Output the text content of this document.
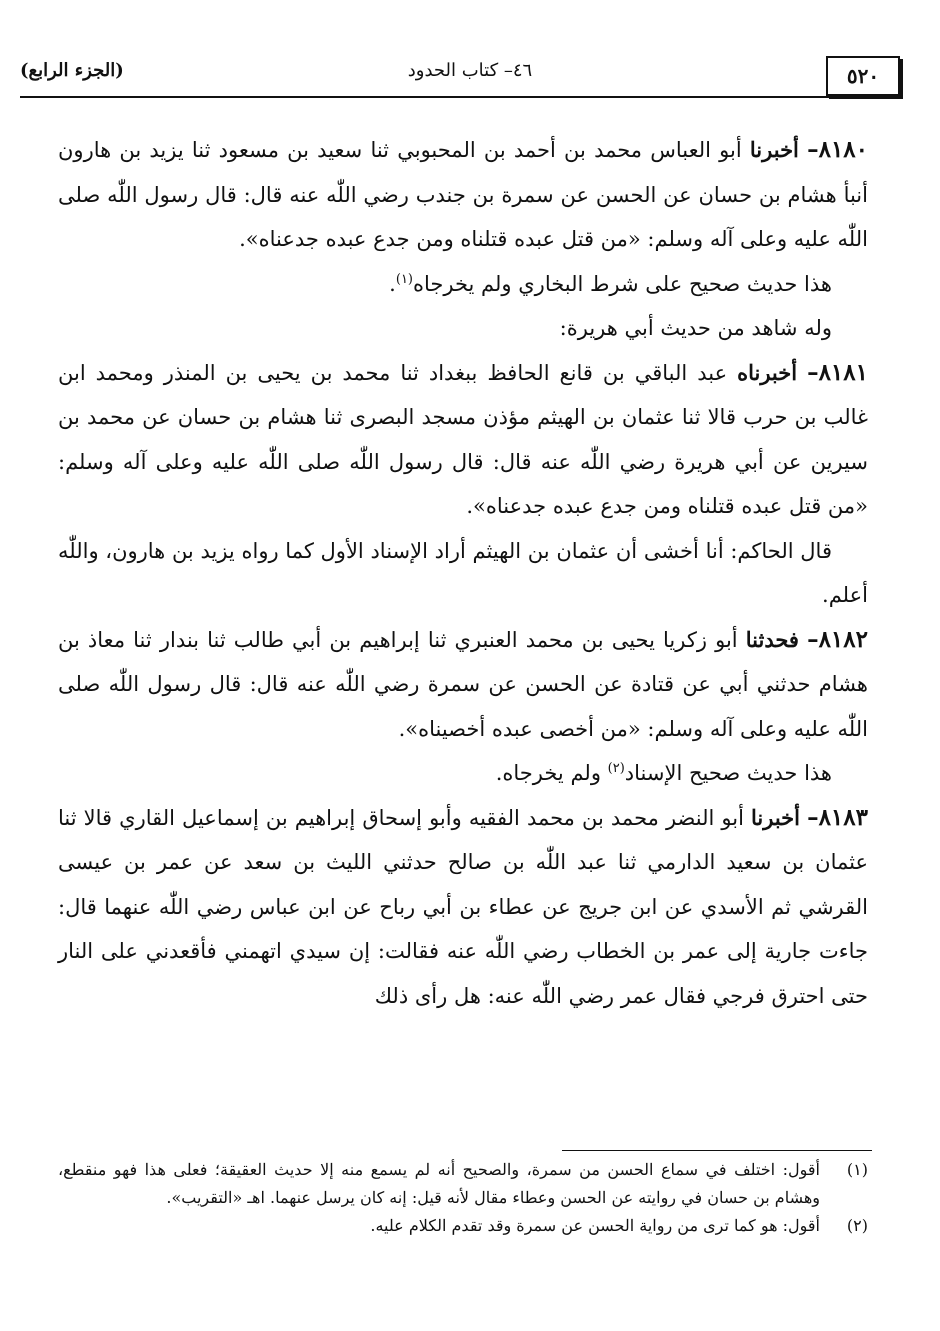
٥٢٠
٤٦– كتاب الحدود
(الجزء الرابع)

٨١٨٠– أخبرنا أبو العباس محمد بن أحمد بن المحبوبي ثنا سعيد بن مسعود ثنا يزيد بن هارون أنبأ هشام بن حسان عن الحسن عن سمرة بن جندب رضي اللّٰه عنه قال: قال رسول اللّٰه صلى اللّٰه عليه وعلى آله وسلم: «من قتل عبده قتلناه ومن جدع عبده جدعناه».

هذا حديث صحيح على شرط البخاري ولم يخرجاه$^{(١)}$.

وله شاهد من حديث أبي هريرة:

٨١٨١– أخبرناه عبد الباقي بن قانع الحافظ ببغداد ثنا محمد بن يحيى بن المنذر ومحمد ابن غالب بن حرب قالا ثنا عثمان بن الهيثم مؤذن مسجد البصرى ثنا هشام بن حسان عن محمد بن سيرين عن أبي هريرة رضي اللّٰه عنه قال: قال رسول اللّٰه صلى اللّٰه عليه وعلى آله وسلم: «من قتل عبده قتلناه ومن جدع عبده جدعناه».

قال الحاكم: أنا أخشى أن عثمان بن الهيثم أراد الإسناد الأول كما رواه يزيد بن هارون، واللّٰه أعلم.

٨١٨٢– فحدثنا أبو زكريا يحيى بن محمد العنبري ثنا إبراهيم بن أبي طالب ثنا بندار ثنا معاذ بن هشام حدثني أبي عن قتادة عن الحسن عن سمرة رضي اللّٰه عنه قال: قال رسول اللّٰه صلى اللّٰه عليه وعلى آله وسلم: «من أخصى عبده أخصيناه».

هذا حديث صحيح الإسناد$^{(٢)}$ ولم يخرجاه.

٨١٨٣– أخبرنا أبو النضر محمد بن محمد الفقيه وأبو إسحاق إبراهيم بن إسماعيل القاري قالا ثنا عثمان بن سعيد الدارمي ثنا عبد اللّٰه بن صالح حدثني الليث بن سعد عن عمر بن عيسى القرشي ثم الأسدي عن ابن جريج عن عطاء بن أبي رباح عن ابن عباس رضي اللّٰه عنهما قال: جاءت جارية إلى عمر بن الخطاب رضي اللّٰه عنه فقالت: إن سيدي اتهمني فأقعدني على النار حتى احترق فرجي فقال عمر رضي اللّٰه عنه: هل رأى ذلك

(١)
أقول: اختلف في سماع الحسن من سمرة، والصحيح أنه لم يسمع منه إلا حديث العقيقة؛ فعلى هذا فهو منقطع، وهشام بن حسان في روايته عن الحسن وعطاء مقال لأنه قيل: إنه كان يرسل عنهما. اهـ «التقريب».

(٢)
أقول: هو كما ترى من رواية الحسن عن سمرة وقد تقدم الكلام عليه.
